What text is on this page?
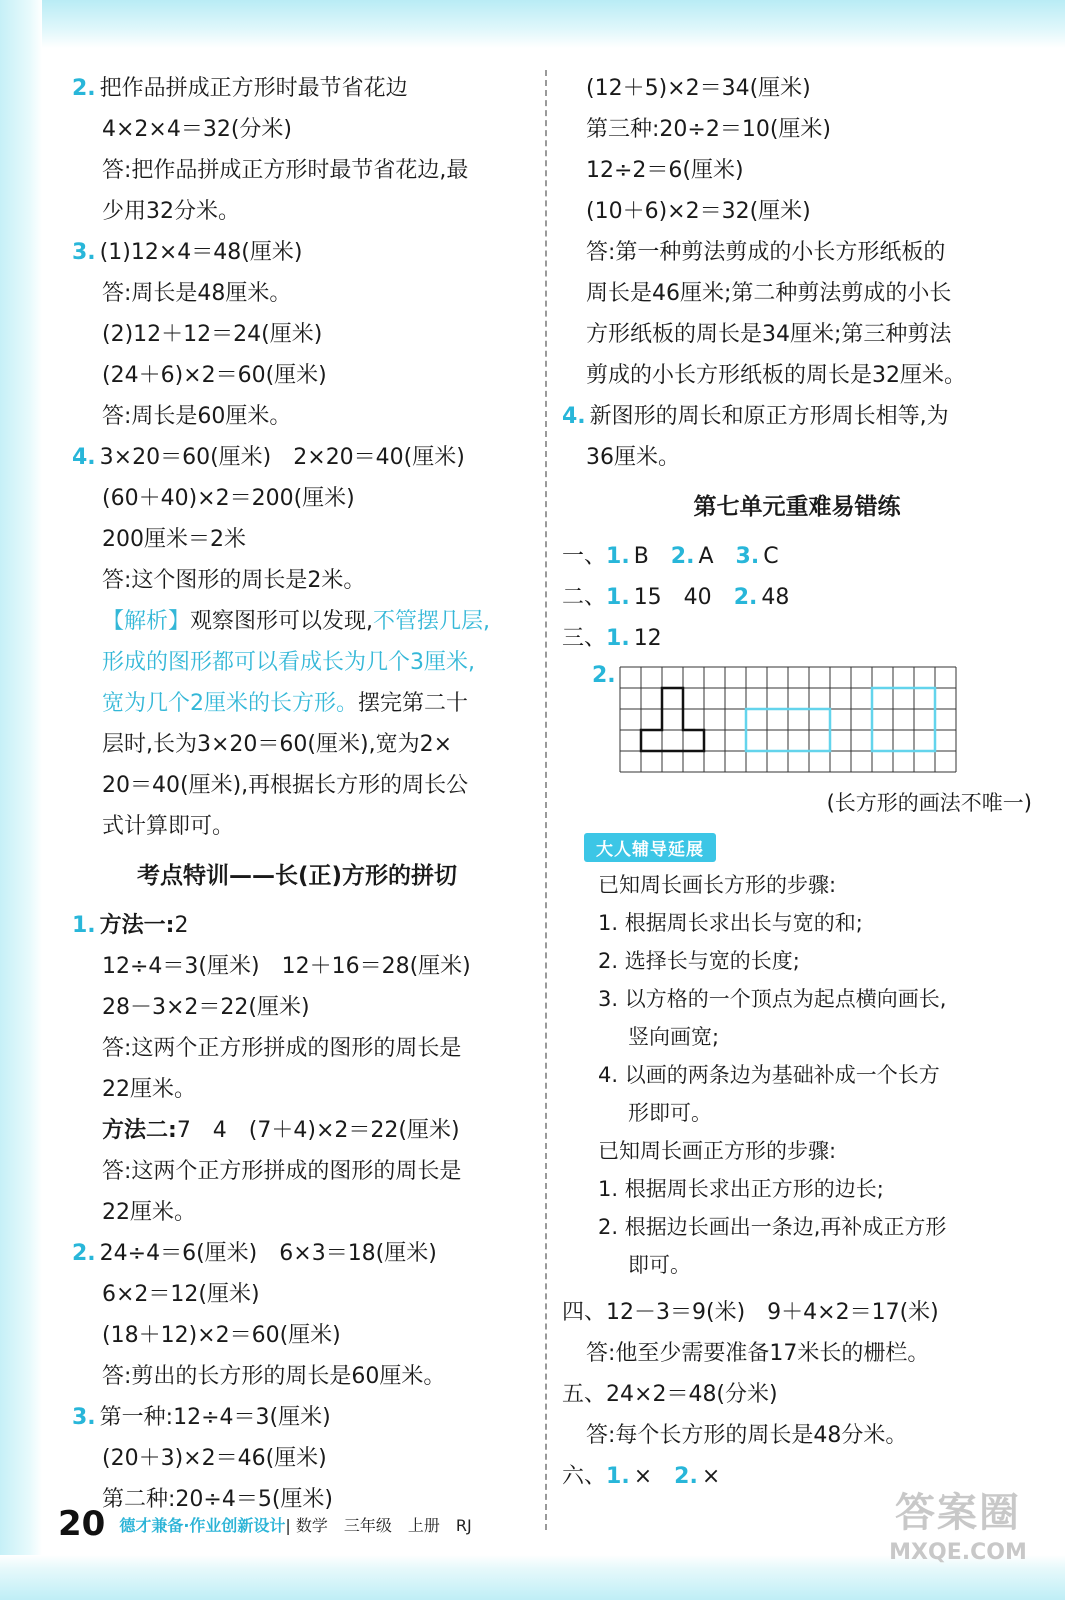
2. 把作品拼成正方形时最节省花边
4×2×4＝32(分米)
答:把作品拼成正方形时最节省花边,最
少用32分米。
3. (1)12×4＝48(厘米)
答:周长是48厘米。
(2)12＋12＝24(厘米)
(24＋6)×2＝60(厘米)
答:周长是60厘米。
4. 3×20＝60(厘米)　2×20＝40(厘米)
(60＋40)×2＝200(厘米)
200厘米＝2米
答:这个图形的周长是2米。
【解析】观察图形可以发现,不管摆几层,
形成的图形都可以看成长为几个3厘米,
宽为几个2厘米的长方形。摆完第二十
层时,长为3×20＝60(厘米),宽为2×
20＝40(厘米),再根据长方形的周长公
式计算即可。
考点特训——长(正)方形的拼切
1. 方法一:2
12÷4＝3(厘米)　12＋16＝28(厘米)
28－3×2＝22(厘米)
答:这两个正方形拼成的图形的周长是
22厘米。
方法二:7　4　(7＋4)×2＝22(厘米)
答:这两个正方形拼成的图形的周长是
22厘米。
2. 24÷4＝6(厘米)　6×3＝18(厘米)
6×2＝12(厘米)
(18＋12)×2＝60(厘米)
答:剪出的长方形的周长是60厘米。
3. 第一种:12÷4＝3(厘米)
(20＋3)×2＝46(厘米)
第二种:20÷4＝5(厘米)
(12＋5)×2＝34(厘米)
第三种:20÷2＝10(厘米)
12÷2＝6(厘米)
(10＋6)×2＝32(厘米)
答:第一种剪法剪成的小长方形纸板的
周长是46厘米;第二种剪法剪成的小长
方形纸板的周长是34厘米;第三种剪法
剪成的小长方形纸板的周长是32厘米。
4. 新图形的周长和原正方形周长相等,为
36厘米。
第七单元重难易错练
一、1. B　 2. A　 3. C
二、1. 15　40　 2. 48
三、1. 12
2.
(长方形的画法不唯一)
大人辅导延展
已知周长画长方形的步骤:
1. 根据周长求出长与宽的和;
2. 选择长与宽的长度;
3. 以方格的一个顶点为起点横向画长,
竖向画宽;
4. 以画的两条边为基础补成一个长方
形即可。
已知周长画正方形的步骤:
1. 根据周长求出正方形的边长;
2. 根据边长画出一条边,再补成正方形
即可。
四、12－3＝9(米)　9＋4×2＝17(米)
答:他至少需要准备17米长的栅栏。
五、24×2＝48(分米)
答:每个长方形的周长是48分米。
六、1. ×　 2. ×
20 德才兼备·作业创新设计| 数学　三年级　上册　RJ	答案圈
MXQE.COM
